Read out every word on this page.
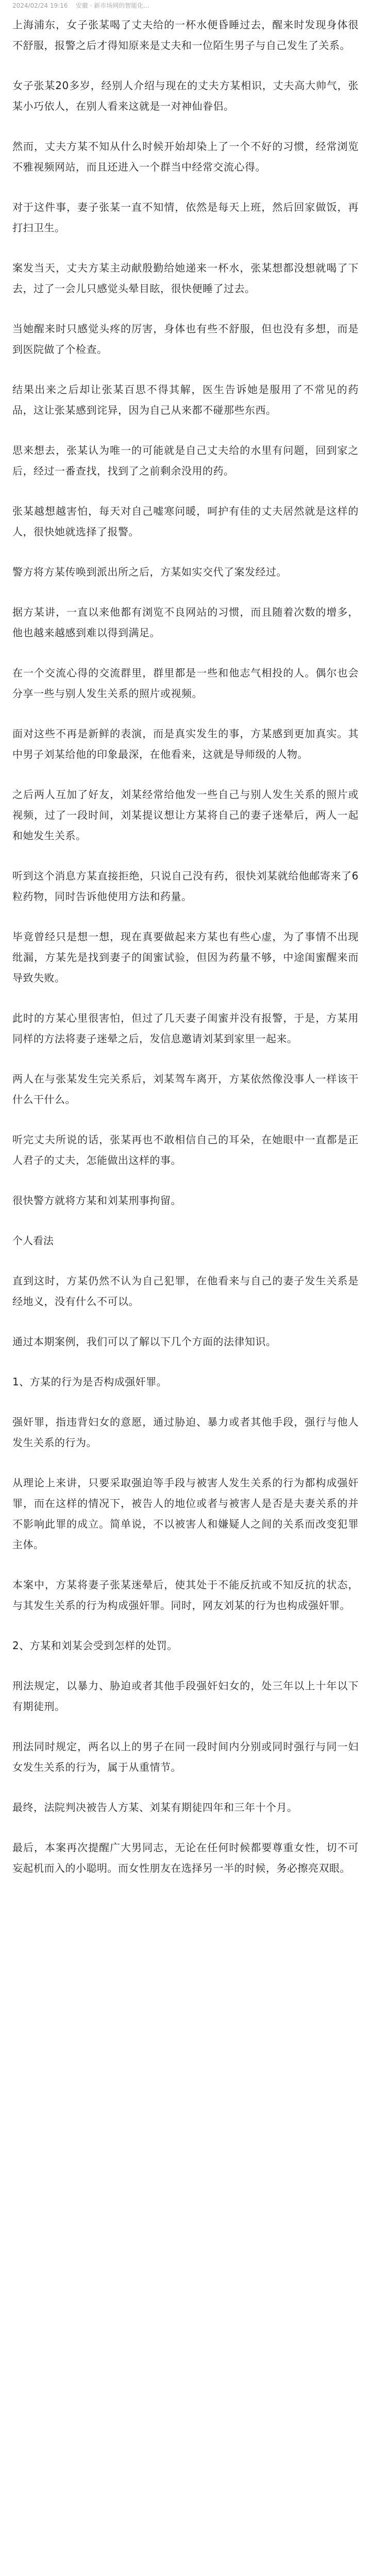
2024/02/24 19:16 安徽 · 新市场网的智能化...

上海浦东，女子张某喝了丈夫给的一杯水便昏睡过去，醒来时发现身体很不舒服，报警之后才得知原来是丈夫和一位陌生男子与自己发生了关系。

女子张某20多岁，经别人介绍与现在的丈夫方某相识，丈夫高大帅气，张某小巧依人，在别人看来这就是一对神仙眷侣。

然而，丈夫方某不知从什么时候开始却染上了一个不好的习惯，经常浏览不雅视频网站，而且还进入一个群当中经常交流心得。

对于这件事，妻子张某一直不知情，依然是每天上班，然后回家做饭，再打扫卫生。

案发当天，丈夫方某主动献殷勤给她递来一杯水，张某想都没想就喝了下去，过了一会儿只感觉头晕目眩，很快便睡了过去。

当她醒来时只感觉头疼的厉害，身体也有些不舒服，但也没有多想，而是到医院做了个检查。

结果出来之后却让张某百思不得其解，医生告诉她是服用了不常见的药品，这让张某感到诧异，因为自己从来都不碰那些东西。

思来想去，张某认为唯一的可能就是自己丈夫给的水里有问题，回到家之后，经过一番查找，找到了之前剩余没用的药。

张某越想越害怕，每天对自己嘘寒问暖，呵护有佳的丈夫居然就是这样的人，很快她就选择了报警。

警方将方某传唤到派出所之后，方某如实交代了案发经过。

据方某讲，一直以来他都有浏览不良网站的习惯，而且随着次数的增多，他也越来越感到难以得到满足。

在一个交流心得的交流群里，群里都是一些和他志气相投的人。偶尔也会分享一些与别人发生关系的照片或视频。

面对这些不再是新鲜的表演，而是真实发生的事，方某感到更加真实。其中男子刘某给他的印象最深，在他看来，这就是导师级的人物。

之后两人互加了好友，刘某经常给他发一些自己与别人发生关系的照片或视频，过了一段时间，刘某提议想让方某将自己的妻子迷晕后，两人一起和她发生关系。

听到这个消息方某直接拒绝，只说自己没有药，很快刘某就给他邮寄来了6粒药物，同时告诉他使用方法和药量。

毕竟曾经只是想一想，现在真要做起来方某也有些心虚，为了事情不出现纰漏，方某先是找到妻子的闺蜜试验，但因为药量不够，中途闺蜜醒来而导致失败。

此时的方某心里很害怕，但过了几天妻子闺蜜并没有报警，于是，方某用同样的方法将妻子迷晕之后，发信息邀请刘某到家里一起来。

两人在与张某发生完关系后，刘某驾车离开，方某依然像没事人一样该干什么干什么。

听完丈夫所说的话，张某再也不敢相信自己的耳朵，在她眼中一直都是正人君子的丈夫，怎能做出这样的事。

很快警方就将方某和刘某刑事拘留。

个人看法

直到这时，方某仍然不认为自己犯罪，在他看来与自己的妻子发生关系是经地义，没有什么不可以。

通过本期案例，我们可以了解以下几个方面的法律知识。

1、方某的行为是否构成强奸罪。

强奸罪，指违背妇女的意愿，通过胁迫、暴力或者其他手段，强行与他人发生关系的行为。

从理论上来讲，只要采取强迫等手段与被害人发生关系的行为都构成强奸罪，而在这样的情况下，被告人的地位或者与被害人是否是夫妻关系的并不影响此罪的成立。简单说，不以被害人和嫌疑人之间的关系而改变犯罪主体。

本案中，方某将妻子张某迷晕后，使其处于不能反抗或不知反抗的状态，与其发生关系的行为构成强奸罪。同时，网友刘某的行为也构成强奸罪。

2、方某和刘某会受到怎样的处罚。

刑法规定，以暴力、胁迫或者其他手段强奸妇女的，处三年以上十年以下有期徒刑。

刑法同时规定，两名以上的男子在同一段时间内分别或同时强行与同一妇女发生关系的行为，属于从重情节。

最终，法院判决被告人方某、刘某有期徒四年和三年十个月。

最后，本案再次提醒广大男同志，无论在任何时候都要尊重女性，切不可妄起机而入的小聪明。而女性朋友在选择另一半的时候，务必擦亮双眼。
